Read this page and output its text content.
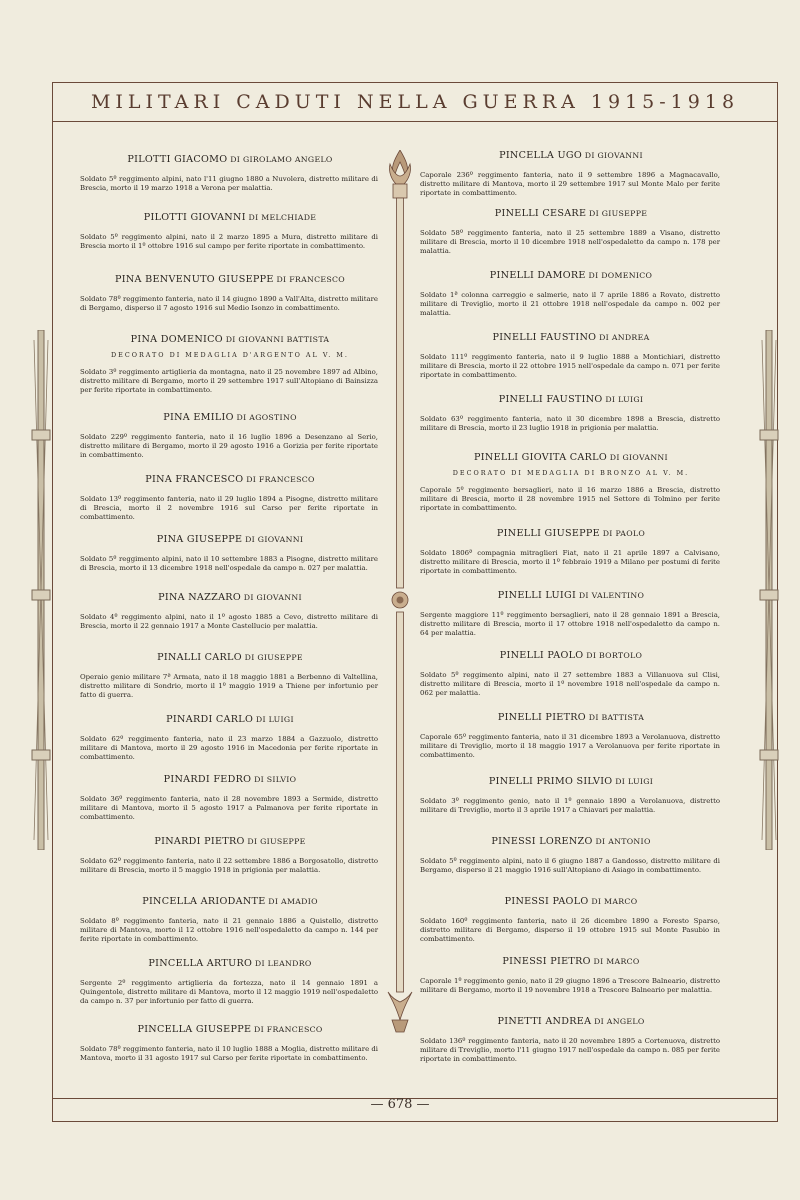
MILITARI CADUTI NELLA GUERRA 1915-1918
PILOTTI GIACOMO DI GIROLAMO ANGELO
Soldato 5º reggimento alpini, nato l'11 giugno 1880 a Nuvolera, distretto militare di Brescia, morto il 19 marzo 1918 a Verona per malattia.
PILOTTI GIOVANNI DI MELCHIADE
Soldato 5º reggimento alpini, nato il 2 marzo 1895 a Mura, distretto militare di Brescia morto il 1º ottobre 1916 sul campo per ferite riportate in combattimento.
PINA BENVENUTO GIUSEPPE DI FRANCESCO
Soldato 78º reggimento fanteria, nato il 14 giugno 1890 a Vall'Alta, distretto militare di Bergamo, disperso il 7 agosto 1916 sul Medio Isonzo in combattimento.
PINA DOMENICO DI GIOVANNI BATTISTA
DECORATO DI MEDAGLIA D'ARGENTO AL V. M.
Soldato 3º reggimento artiglieria da montagna, nato il 25 novembre 1897 ad Albino, distretto militare di Bergamo, morto il 29 settembre 1917 sull'Altopiano di Bainsizza per ferite riportate in combattimento.
PINA EMILIO DI AGOSTINO
Soldato 229º reggimento fanteria, nato il 16 luglio 1896 a Desenzano al Serio, distretto militare di Bergamo, morto il 29 agosto 1916 a Gorizia per ferite riportate in combattimento.
PINA FRANCESCO DI FRANCESCO
Soldato 13º reggimento fanteria, nato il 29 luglio 1894 a Pisogne, distretto militare di Brescia, morto il 2 novembre 1916 sul Carso per ferite riportate in combattimento.
PINA GIUSEPPE DI GIOVANNI
Soldato 5º reggimento alpini, nato il 10 settembre 1883 a Pisogne, distretto militare di Brescia, morto il 13 dicembre 1918 nell'ospedale da campo n. 027 per malattia.
PINA NAZZARO DI GIOVANNI
Soldato 4º reggimento alpini, nato il 1º agosto 1885 a Cevo, distretto militare di Brescia, morto il 22 gennaio 1917 a Monte Castellucio per malattia.
PINALLI CARLO DI GIUSEPPE
Operaio genio militare 7ª Armata, nato il 18 maggio 1881 a Berbenno di Valtellina, distretto militare di Sondrio, morto il 1º maggio 1919 a Thiene per infortunio per fatto di guerra.
PINARDI CARLO DI LUIGI
Soldato 62º reggimento fanteria, nato il 23 marzo 1884 a Gazzuolo, distretto militare di Mantova, morto il 29 agosto 1916 in Macedonia per ferite riportate in combattimento.
PINARDI FEDRO DI SILVIO
Soldato 36º reggimento fanteria, nato il 28 novembre 1893 a Sermide, distretto militare di Mantova, morto il 5 agosto 1917 a Palmanova per ferite riportate in combattimento.
PINARDI PIETRO DI GIUSEPPE
Soldato 62º reggimento fanteria, nato il 22 settembre 1886 a Borgosatollo, distretto militare di Brescia, morto il 5 maggio 1918 in prigionia per malattia.
PINCELLA ARIODANTE DI AMADIO
Soldato 8º reggimento fanteria, nato il 21 gennaio 1886 a Quistello, distretto militare di Mantova, morto il 12 ottobre 1916 nell'ospedaletto da campo n. 144 per ferite riportate in combattimento.
PINCELLA ARTURO DI LEANDRO
Sergente 2º reggimento artiglieria da fortezza, nato il 14 gennaio 1891 a Quingentole, distretto militare di Mantova, morto il 12 maggio 1919 nell'ospedaletto da campo n. 37 per infortunio per fatto di guerra.
PINCELLA GIUSEPPE DI FRANCESCO
Soldato 78º reggimento fanteria, nato il 10 luglio 1888 a Moglia, distretto militare di Mantova, morto il 31 agosto 1917 sul Carso per ferite riportate in combattimento.
PINCELLA UGO DI GIOVANNI
Caporale 236º reggimento fanteria, nato il 9 settembre 1896 a Magnacavallo, distretto militare di Mantova, morto il 29 settembre 1917 sul Monte Malo per ferite riportate in combattimento.
PINELLI CESARE DI GIUSEPPE
Soldato 58º reggimento fanteria, nato il 25 settembre 1889 a Visano, distretto militare di Brescia, morto il 10 dicembre 1918 nell'ospedaletto da campo n. 178 per malattia.
PINELLI DAMORE DI DOMENICO
Soldato 1ª colonna carreggio e salmerie, nato il 7 aprile 1886 a Rovato, distretto militare di Treviglio, morto il 21 ottobre 1918 nell'ospedale da campo n. 002 per malattia.
PINELLI FAUSTINO DI ANDREA
Soldato 111º reggimento fanteria, nato il 9 luglio 1888 a Montichiari, distretto militare di Brescia, morto il 22 ottobre 1915 nell'ospedale da campo n. 071 per ferite riportate in combattimento.
PINELLI FAUSTINO DI LUIGI
Soldato 63º reggimento fanteria, nato il 30 dicembre 1898 a Brescia, distretto militare di Brescia, morto il 23 luglio 1918 in prigionia per malattia.
PINELLI GIOVITA CARLO DI GIOVANNI
DECORATO DI MEDAGLIA DI BRONZO AL V. M.
Caporale 5º reggimento bersaglieri, nato il 16 marzo 1886 a Brescia, distretto militare di Brescia, morto il 28 novembre 1915 nel Settore di Tolmino per ferite riportate in combattimento.
PINELLI GIUSEPPE DI PAOLO
Soldato 1806ª compagnia mitraglieri Fiat, nato il 21 aprile 1897 a Calvisano, distretto militare di Brescia, morto il 1º febbraio 1919 a Milano per postumi di ferite riportate in combattimento.
PINELLI LUIGI DI VALENTINO
Sergente maggiore 11º reggimento bersaglieri, nato il 28 gennaio 1891 a Brescia, distretto militare di Brescia, morto il 17 ottobre 1918 nell'ospedaletto da campo n. 64 per malattia.
PINELLI PAOLO DI BORTOLO
Soldato 5º reggimento alpini, nato il 27 settembre 1883 a Villanuova sul Clisi, distretto militare di Brescia, morto il 1º novembre 1918 nell'ospedale da campo n. 062 per malattia.
PINELLI PIETRO DI BATTISTA
Caporale 65º reggimento fanteria, nato il 31 dicembre 1893 a Verolanuova, distretto militare di Treviglio, morto il 18 maggio 1917 a Verolanuova per ferite riportate in combattimento.
PINELLI PRIMO SILVIO DI LUIGI
Soldato 3º reggimento genio, nato il 1º gennaio 1890 a Verolanuova, distretto militare di Treviglio, morto il 3 aprile 1917 a Chiavari per malattia.
PINESSI LORENZO DI ANTONIO
Soldato 5º reggimento alpini, nato il 6 giugno 1887 a Gandosso, distretto militare di Bergamo, disperso il 21 maggio 1916 sull'Altopiano di Asiago in combattimento.
PINESSI PAOLO DI MARCO
Soldato 160º reggimento fanteria, nato il 26 dicembre 1890 a Foresto Sparso, distretto militare di Bergamo, disperso il 19 ottobre 1915 sul Monte Pasubio in combattimento.
PINESSI PIETRO DI MARCO
Caporale 1º reggimento genio, nato il 29 giugno 1896 a Trescore Balneario, distretto militare di Bergamo, morto il 19 novembre 1918 a Trescore Balneario per malattia.
PINETTI ANDREA DI ANGELO
Soldato 136º reggimento fanteria, nato il 20 novembre 1895 a Cortenuova, distretto militare di Treviglio, morto l'11 giugno 1917 nell'ospedale da campo n. 085 per ferite riportate in combattimento.
— 678 —
